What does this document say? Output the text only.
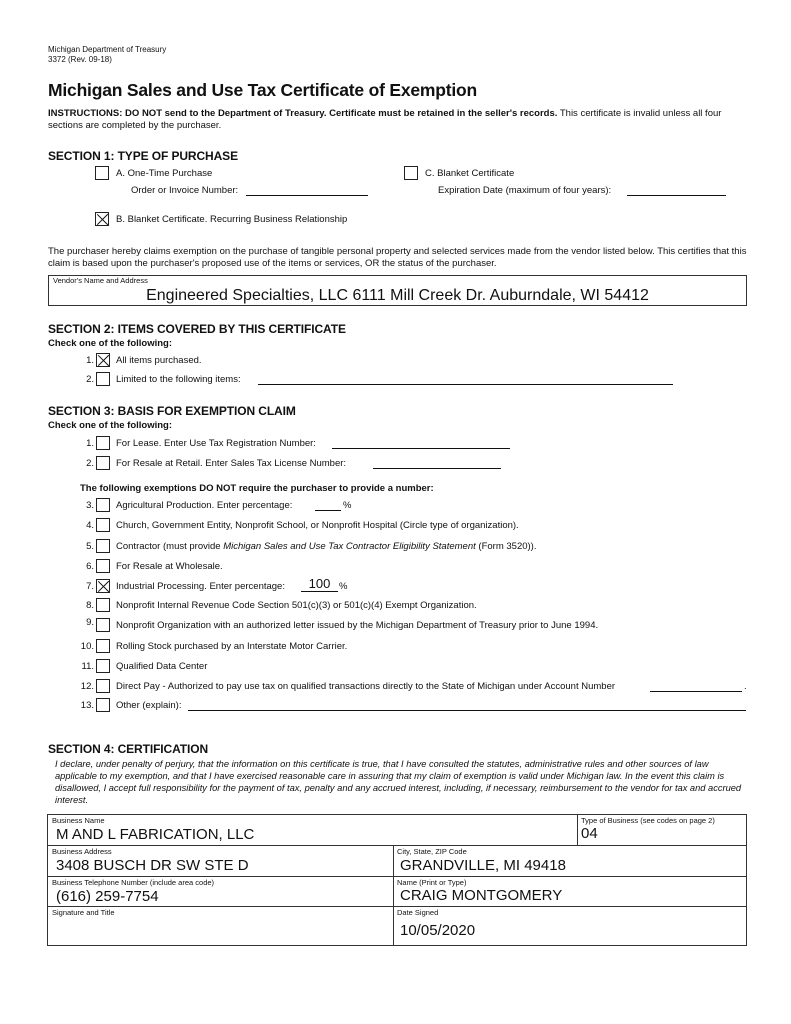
Michigan Department of Treasury
3372 (Rev. 09-18)
Michigan Sales and Use Tax Certificate of Exemption
INSTRUCTIONS: DO NOT send to the Department of Treasury. Certificate must be retained in the seller's records. This certificate is invalid unless all four sections are completed by the purchaser.
SECTION 1: TYPE OF PURCHASE
A. One-Time Purchase
Order or Invoice Number:
C. Blanket Certificate
Expiration Date (maximum of four years):
B. Blanket Certificate. Recurring Business Relationship
The purchaser hereby claims exemption on the purchase of tangible personal property and selected services made from the vendor listed below. This certifies that this claim is based upon the purchaser's proposed use of the items or services, OR the status of the purchaser.
Vendor's Name and Address
Engineered Specialties, LLC 6111 Mill Creek Dr. Auburndale, WI 54412
SECTION 2: ITEMS COVERED BY THIS CERTIFICATE
Check one of the following:
1. All items purchased.
2. Limited to the following items:
SECTION 3: BASIS FOR EXEMPTION CLAIM
Check one of the following:
1. For Lease. Enter Use Tax Registration Number:
2. For Resale at Retail. Enter Sales Tax License Number:
The following exemptions DO NOT require the purchaser to provide a number:
3. Agricultural Production. Enter percentage:	%
4. Church, Government Entity, Nonprofit School, or Nonprofit Hospital (Circle type of organization).
5. Contractor (must provide Michigan Sales and Use Tax Contractor Eligibility Statement (Form 3520)).
6. For Resale at Wholesale.
7. Industrial Processing. Enter percentage:	100 %
8. Nonprofit Internal Revenue Code Section 501(c)(3) or 501(c)(4) Exempt Organization.
9. Nonprofit Organization with an authorized letter issued by the Michigan Department of Treasury prior to June 1994.
10. Rolling Stock purchased by an Interstate Motor Carrier.
11. Qualified Data Center
12. Direct Pay - Authorized to pay use tax on qualified transactions directly to the State of Michigan under Account Number	.
13. Other (explain):
SECTION 4: CERTIFICATION
I declare, under penalty of perjury, that the information on this certificate is true, that I have consulted the statutes, administrative rules and other sources of law applicable to my exemption, and that I have exercised reasonable care in assuring that my claim of exemption is valid under Michigan law. In the event this claim is disallowed, I accept full responsibility for the payment of tax, penalty and any accrued interest, including, if necessary, reimbursement to the vendor for tax and accrued interest.
Business Name
M AND L FABRICATION, LLC
Type of Business (see codes on page 2)
04
Business Address
3408 BUSCH DR SW STE D
City, State, ZIP Code
GRANDVILLE, MI 49418
Business Telephone Number (include area code)
(616) 259-7754
Name (Print or Type)
CRAIG MONTGOMERY
Signature and Title	Date Signed
10/05/2020
